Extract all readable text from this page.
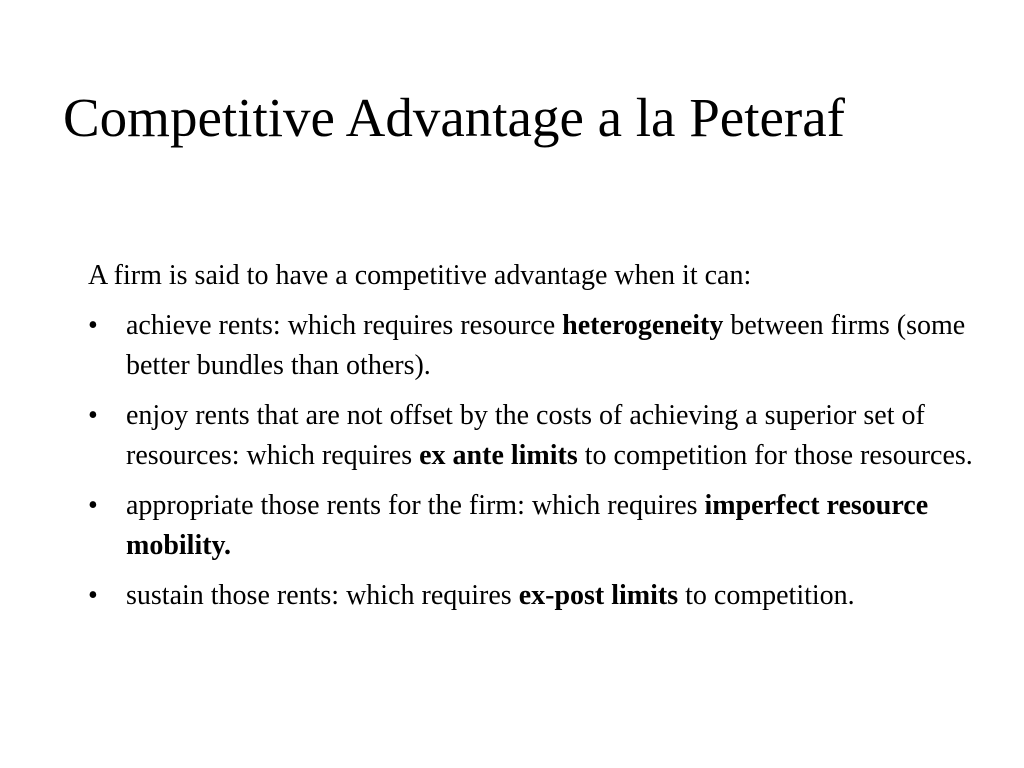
Competitive Advantage a la Peteraf

A firm is said to have a competitive advantage when it can:

•	achieve rents: which requires resource heterogeneity between firms (some better bundles than others).
•	enjoy rents that are not offset by the costs of achieving a superior set of resources: which requires ex ante limits to competition for those resources.
•	appropriate those rents for the firm: which requires imperfect resource mobility.
•	sustain those rents: which requires ex-post limits to competition.
